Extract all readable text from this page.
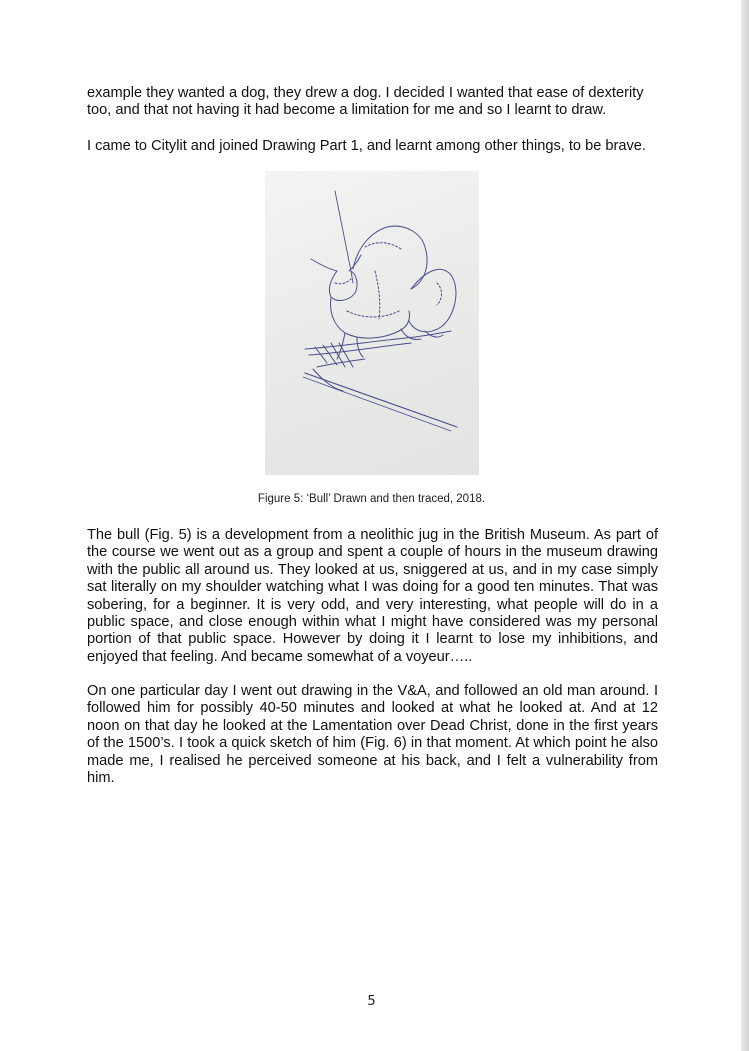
example they wanted a dog, they drew a dog. I decided I wanted that ease of dexterity too, and that not having it had become a limitation for me and so I learnt to draw.

I came to Citylit and joined Drawing Part 1, and learnt among other things, to be brave.

Figure 5: ‘Bull’ Drawn and then traced, 2018.

The bull (Fig. 5) is a development from a neolithic jug in the British Museum. As part of the course we went out as a group and spent a couple of hours in the museum drawing with the public all around us. They looked at us, sniggered at us, and in my case simply sat literally on my shoulder watching what I was doing for a good ten minutes. That was sobering, for a beginner. It is very odd, and very interesting, what people will do in a public space, and close enough within what I might have considered was my personal portion of that public space. However by doing it I learnt to lose my inhibitions, and enjoyed that feeling. And became somewhat of a voyeur…..

On one particular day I went out drawing in the V&A, and followed an old man around. I followed him for possibly 40-50 minutes and looked at what he looked at. And at 12 noon on that day he looked at the Lamentation over Dead Christ, done in the first years of the 1500’s. I took a quick sketch of him (Fig. 6) in that moment. At which point he also made me, I realised he perceived someone at his back, and I felt a vulnerability from him.

5
